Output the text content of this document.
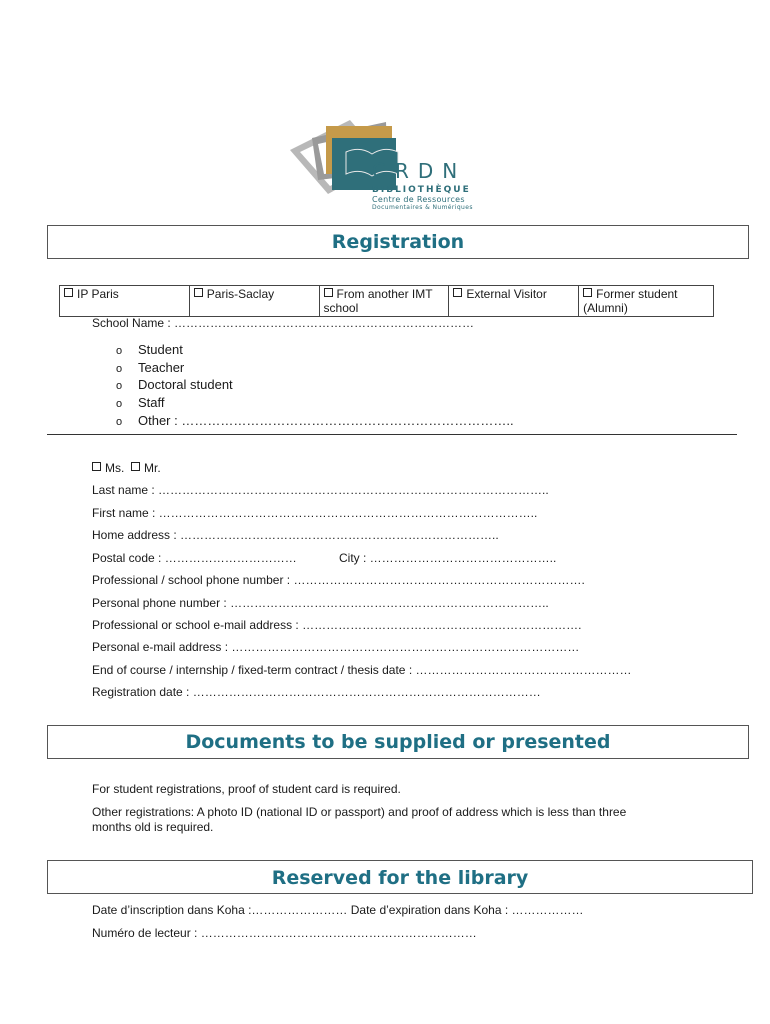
CRDN
BIBLIOTHÈQUE
Centre de Ressources
Documentaires & Numériques
Registration
IP Paris	Paris-Saclay	From another IMT school	External Visitor	Former student (Alumni)
School Name : …………………………………………………………………
o Student
o Teacher
o Doctoral student
o Staff
o Other : …………………………………………………………………..
Ms. Mr.
Last name : ……………………………………………………………………………………..
First name : …………………………………………………………………………………..
Home address : ……………………………………………………………………..
Postal code : ……………………………	City : ………………………………………..
Professional / school phone number : ……………………………………………………………….
Personal phone number : ……………………………………………………………………..
Professional or school e-mail address : …………………………………………………………….
Personal e-mail address : ……………………………………………………………………………
End of course / internship / fixed-term contract / thesis date : ………………………………………………
Registration date : ……………………………………………………………………………
Documents to be supplied or presented
For student registrations, proof of student card is required.
Other registrations: A photo ID (national ID or passport) and proof of address which is less than three
months old is required.
Reserved for the library
Date d’inscription dans Koha :…………………… Date d’expiration dans Koha : ………………
Numéro de lecteur : ……………………………………………………………
